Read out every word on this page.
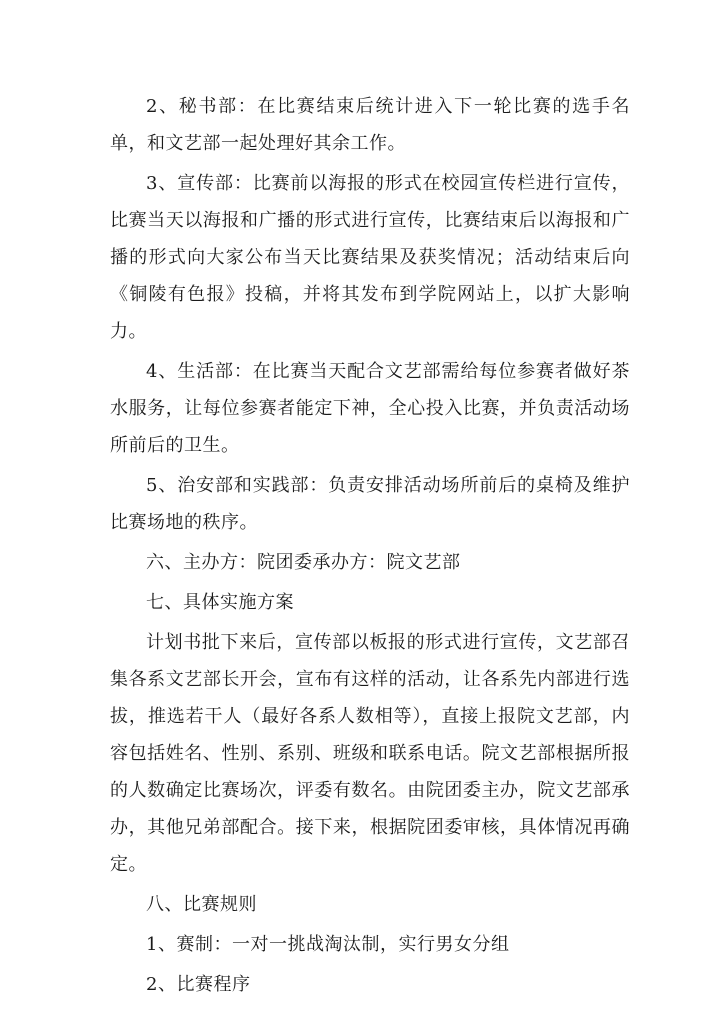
2、秘书部：在比赛结束后统计进入下一轮比赛的选手名单，和文艺部一起处理好其余工作。

3、宣传部：比赛前以海报的形式在校园宣传栏进行宣传，比赛当天以海报和广播的形式进行宣传，比赛结束后以海报和广播的形式向大家公布当天比赛结果及获奖情况；活动结束后向《铜陵有色报》投稿，并将其发布到学院网站上，以扩大影响力。

4、生活部：在比赛当天配合文艺部需给每位参赛者做好茶水服务，让每位参赛者能定下神，全心投入比赛，并负责活动场所前后的卫生。

5、治安部和实践部：负责安排活动场所前后的桌椅及维护比赛场地的秩序。

六、主办方：院团委承办方：院文艺部

七、具体实施方案

计划书批下来后，宣传部以板报的形式进行宣传，文艺部召集各系文艺部长开会，宣布有这样的活动，让各系先内部进行选拔，推选若干人（最好各系人数相等），直接上报院文艺部，内容包括姓名、性别、系别、班级和联系电话。院文艺部根据所报的人数确定比赛场次，评委有数名。由院团委主办，院文艺部承办，其他兄弟部配合。接下来，根据院团委审核，具体情况再确定。

八、比赛规则

1、赛制：一对一挑战淘汰制，实行男女分组

2、比赛程序
